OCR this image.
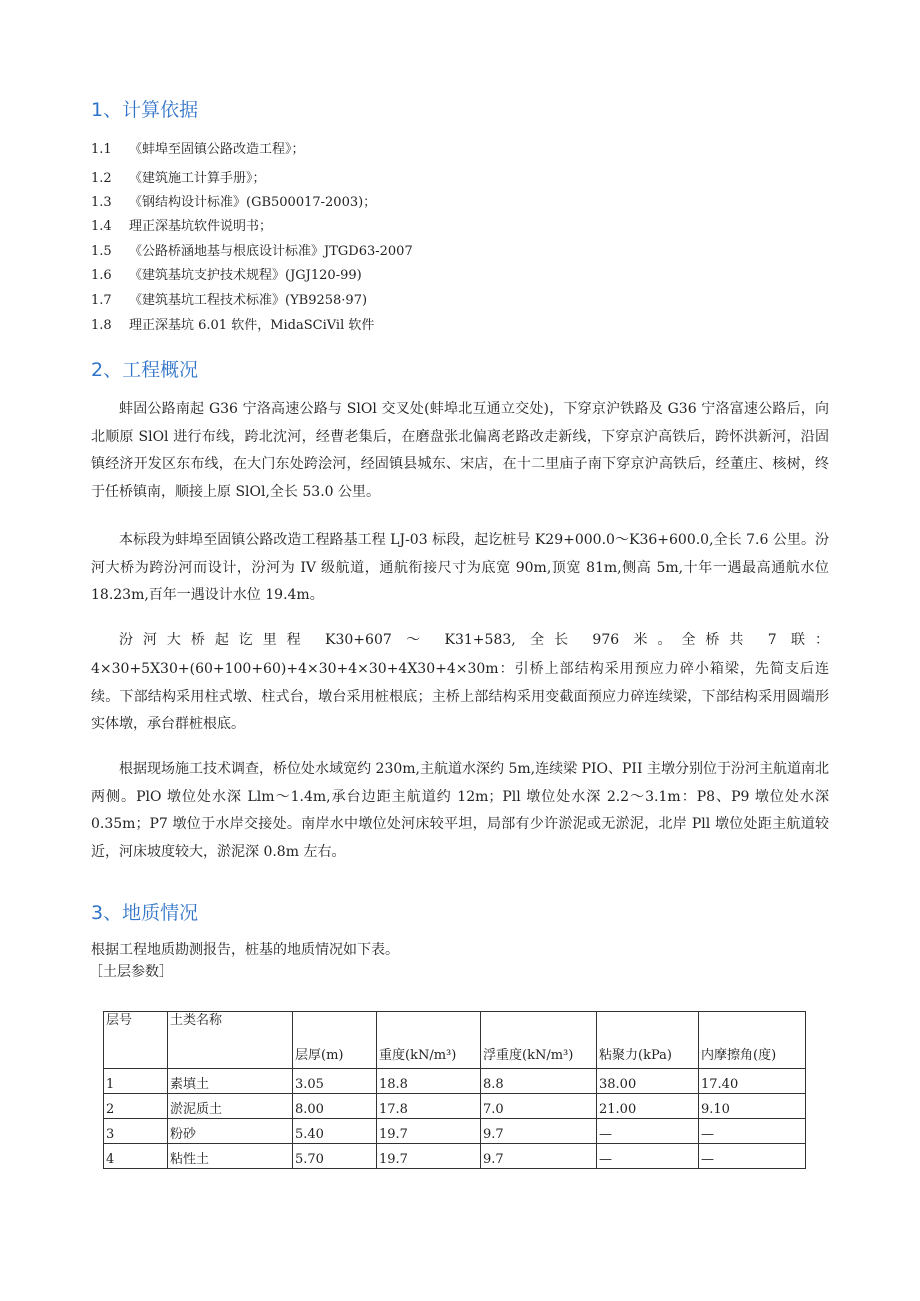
1、计算依据
1.1 《蚌埠至固镇公路改造工程》；
1.2 《建筑施工计算手册》；
1.3 《钢结构设计标准》(GB500017-2003)；
1.4 理正深基坑软件说明书；
1.5 《公路桥涵地基与根底设计标准》JTGD63-2007
1.6 《建筑基坑支护技术规程》(JGJ120-99)
1.7 《建筑基坑工程技术标准》(YB9258·97)
1.8 理正深基坑 6.01 软件，MidaSCiVil 软件
2、工程概况

蚌固公路南起 G36 宁洛高速公路与 SlOl 交叉处(蚌埠北互通立交处)，下穿京沪铁路及 G36 宁洛富速公路后，向北顺原 SlOl 进行布线，跨北沈河，经曹老集后，在磨盘张北偏离老路改走新线，下穿京沪高铁后，跨怀洪新河，沿固镇经济开发区东布线，在大门东处跨浍河，经固镇县城东、宋店，在十二里庙子南下穿京沪高铁后，经董庄、核树，终于任桥镇南，顺接上原 SlOl,全长 53.0 公里。

本标段为蚌埠至固镇公路改造工程路基工程 LJ-03 标段，起讫桩号 K29+000.0～K36+600.0,全长 7.6 公里。汾河大桥为跨汾河而设计，汾河为 IV 级航道，通航衔接尺寸为底宽 90m,顶宽 81m,侧高 5m,十年一遇最高通航水位 18.23m,百年一遇设计水位 19.4m。

汾河大桥起讫里程 K30+607 ～ K31+583, 全长 976 米。全桥共 7 联：

4×30+5X30+(60+100+60)+4×30+4×30+4X30+4×30m：引桥上部结构采用预应力碎小箱梁，先简支后连续。下部结构采用柱式墩、柱式台，墩台采用桩根底；主桥上部结构采用变截面预应力碎连续梁，下部结构采用圆端形实体墩，承台群桩根底。

根据现场施工技术调查，桥位处水域宽约 230m,主航道水深约 5m,连续梁 PIO、PII 主墩分别位于汾河主航道南北两侧。PlO 墩位处水深 Llm～1.4m,承台边距主航道约 12m；Pll 墩位处水深 2.2～3.1m：P8、P9 墩位处水深 0.35m；P7 墩位于水岸交接处。南岸水中墩位处河床较平坦，局部有少许淤泥或无淤泥，北岸 Pll 墩位处距主航道较近，河床坡度较大，淤泥深 0.8m 左右。

3、地质情况
根据工程地质勘测报告，桩基的地质情况如下表。
［土层参数］
层号	土类名称	层厚(m)	重度(kN/m³)	浮重度(kN/m³)	粘聚力(kPa)	内摩擦角(度)
1	素填土	3.05	18.8	8.8	38.00	17.40
2	淤泥质土	8.00	17.8	7.0	21.00	9.10
3	粉砂	5.40	19.7	9.7	—	—
4	粘性土	5.70	19.7	9.7	—	—
